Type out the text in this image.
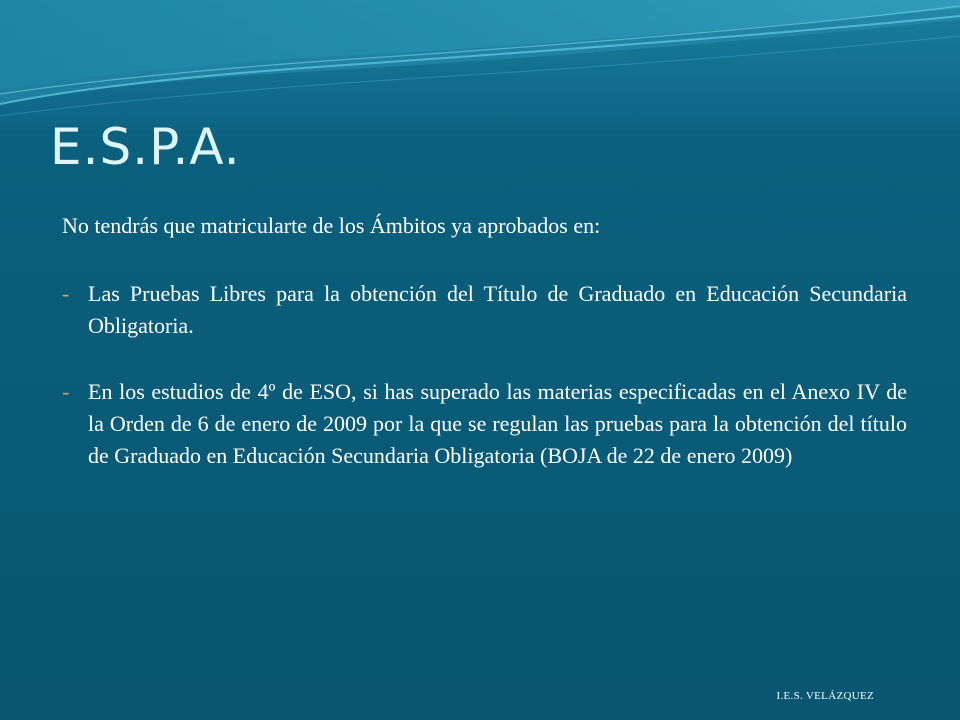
E.S.P.A.

No tendrás que matricularte de los Ámbitos ya aprobados en:

- Las Pruebas Libres para la obtención del Título de Graduado en Educación Secundaria Obligatoria.
- En los estudios de 4º de ESO, si has superado las materias especificadas en el Anexo IV de la Orden de 6 de enero de 2009 por la que se regulan las pruebas para la obtención del título de Graduado en Educación Secundaria Obligatoria (BOJA de 22 de enero 2009)
I.E.S. VELÁZQUEZ
